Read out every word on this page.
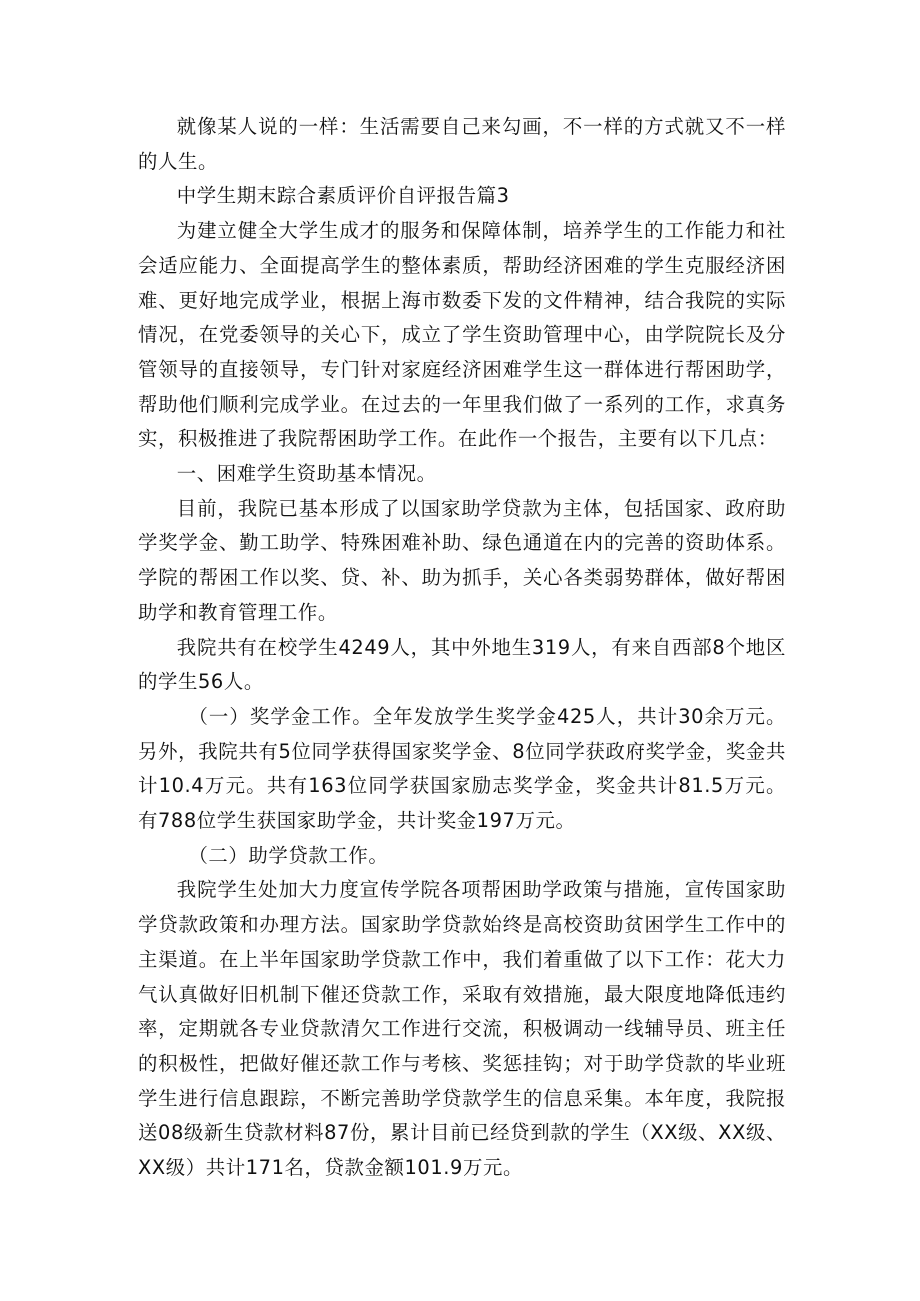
就像某人说的一样：生活需要自己来勾画，不一样的方式就又不一样的人生。

中学生期末踪合素质评价自评报告篇3

为建立健全大学生成才的服务和保障体制，培养学生的工作能力和社会适应能力、全面提高学生的整体素质，帮助经济困难的学生克服经济困难、更好地完成学业，根据上海市数委下发的文件精神，结合我院的实际情况，在党委领导的关心下，成立了学生资助管理中心，由学院院长及分管领导的直接领导，专门针对家庭经济困难学生这一群体进行帮困助学，帮助他们顺利完成学业。在过去的一年里我们做了一系列的工作，求真务实，积极推进了我院帮困助学工作。在此作一个报告，主要有以下几点：

一、困难学生资助基本情况。

目前，我院已基本形成了以国家助学贷款为主体，包括国家、政府助学奖学金、勤工助学、特殊困难补助、绿色通道在内的完善的资助体系。学院的帮困工作以奖、贷、补、助为抓手，关心各类弱势群体，做好帮困助学和教育管理工作。

我院共有在校学生4249人，其中外地生319人，有来自西部8个地区的学生56人。

（一）奖学金工作。全年发放学生奖学金425人，共计30余万元。另外，我院共有5位同学获得国家奖学金、8位同学获政府奖学金，奖金共计10.4万元。共有163位同学获国家励志奖学金，奖金共计81.5万元。有788位学生获国家助学金，共计奖金197万元。

（二）助学贷款工作。

我院学生处加大力度宣传学院各项帮困助学政策与措施，宣传国家助学贷款政策和办理方法。国家助学贷款始终是高校资助贫困学生工作中的主渠道。在上半年国家助学贷款工作中，我们着重做了以下工作：花大力气认真做好旧机制下催还贷款工作，采取有效措施，最大限度地降低违约率，定期就各专业贷款清欠工作进行交流，积极调动一线辅导员、班主任的积极性，把做好催还款工作与考核、奖惩挂钩；对于助学贷款的毕业班学生进行信息跟踪，不断完善助学贷款学生的信息采集。本年度，我院报送08级新生贷款材料87份，累计目前已经贷到款的学生（XX级、XX级、XX级）共计171名，贷款金额101.9万元。
